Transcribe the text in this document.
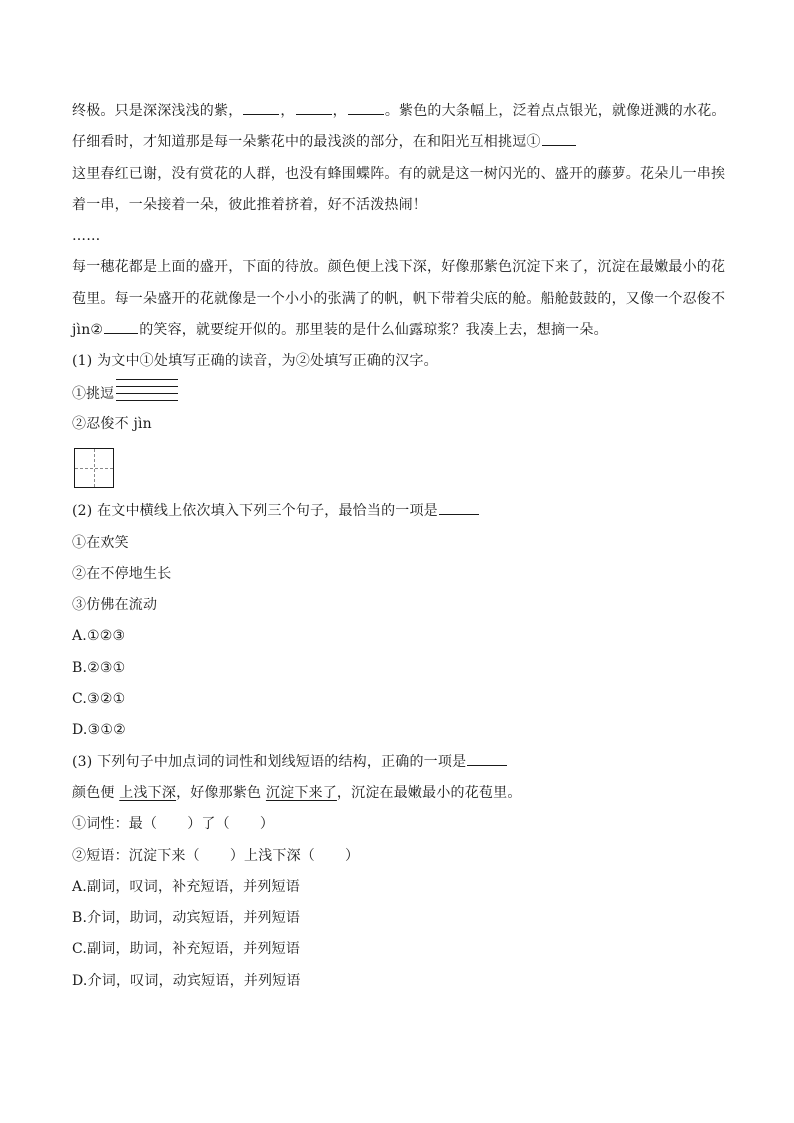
终极。只是深深浅浅的紫，	，	，	。紫色的大条幅上，泛着点点银光，就像迸溅的水花。
仔细看时，才知道那是每一朵紫花中的最浅淡的部分，在和阳光互相挑逗①
这里春红已谢，没有赏花的人群，也没有蜂围蝶阵。有的就是这一树闪光的、盛开的藤萝。花朵儿一串挨
着一串，一朵接着一朵，彼此推着挤着，好不活泼热闹！
……
每一穗花都是上面的盛开，下面的待放。颜色便上浅下深，好像那紫色沉淀下来了，沉淀在最嫩最小的花
苞里。每一朵盛开的花就像是一个小小的张满了的帆，帆下带着尖底的舱。船舱鼓鼓的，又像一个忍俊不
jìn②	的笑容，就要绽开似的。那里装的是什么仙露琼浆？我凑上去，想摘一朵。
(1) 为文中①处填写正确的读音，为②处填写正确的汉字。
①挑逗
②忍俊不 jìn
(2) 在文中横线上依次填入下列三个句子，最恰当的一项是
①在欢笑
②在不停地生长
③仿佛在流动
A.①②③
B.②③①
C.③②①
D.③①②
(3) 下列句子中加点词的词性和划线短语的结构，正确的一项是
颜色便 上浅下深，好像那紫色 沉淀下来了，沉淀在最嫩最小的花苞里。
①词性：最（ ）了（ ）
②短语：沉淀下来（ ）上浅下深（ ）
A.副词，叹词，补充短语，并列短语
B.介词，助词，动宾短语，并列短语
C.副词，助词，补充短语，并列短语
D.介词，叹词，动宾短语，并列短语
